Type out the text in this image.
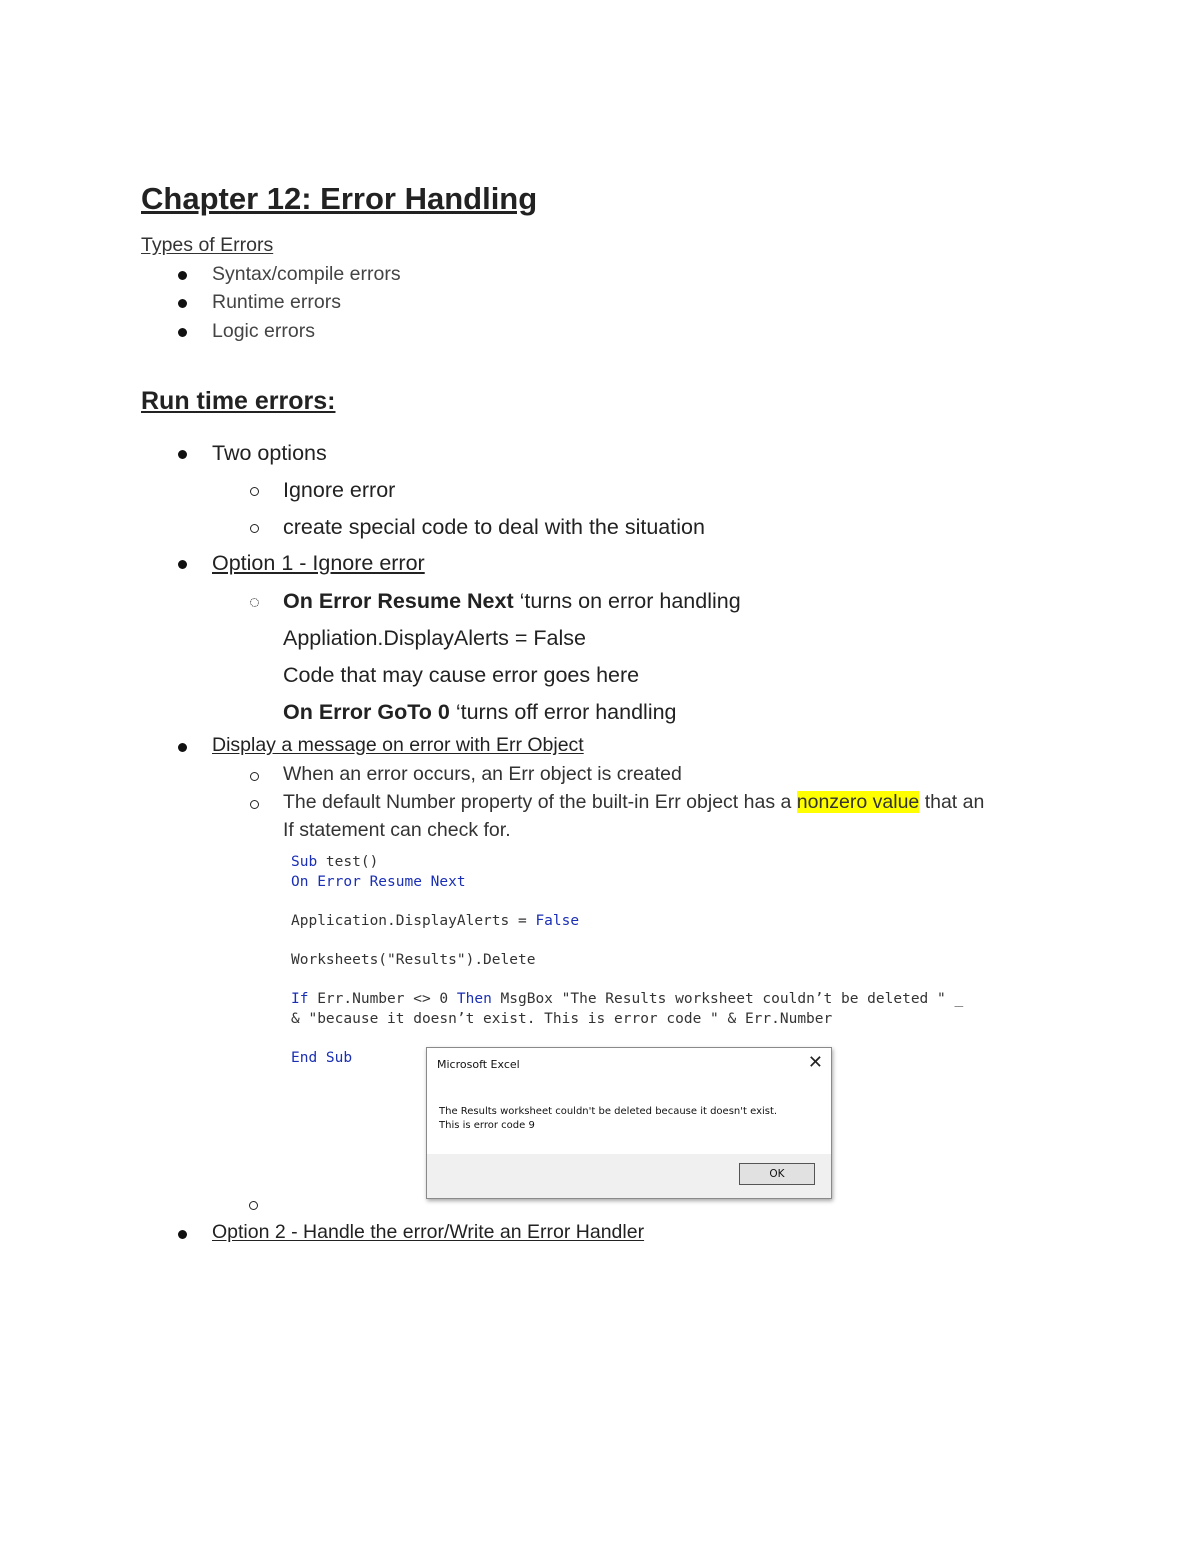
Chapter 12: Error Handling
Types of Errors
Syntax/compile errors
Runtime errors
Logic errors
Run time errors:
Two options
Ignore error
create special code to deal with the situation
Option 1 - Ignore error
On Error Resume Next ‘turns on error handling
Appliation.DisplayAlerts = False
Code that may cause error goes here
On Error GoTo 0 ‘turns off error handling
Display a message on error with Err Object
When an error occurs, an Err object is created
The default Number property of the built-in Err object has a nonzero value that an
If statement can check for.
Sub test()
On Error Resume Next
Application.DisplayAlerts = False
Worksheets("Results").Delete
If Err.Number <> 0 Then MsgBox "The Results worksheet couldn’t be deleted " _
& "because it doesn’t exist. This is error code " & Err.Number
End Sub	Microsoft Excel	✕
The Results worksheet couldn't be deleted because it doesn't exist.
This is error code 9
OK
Option 2 - Handle the error/Write an Error Handler
